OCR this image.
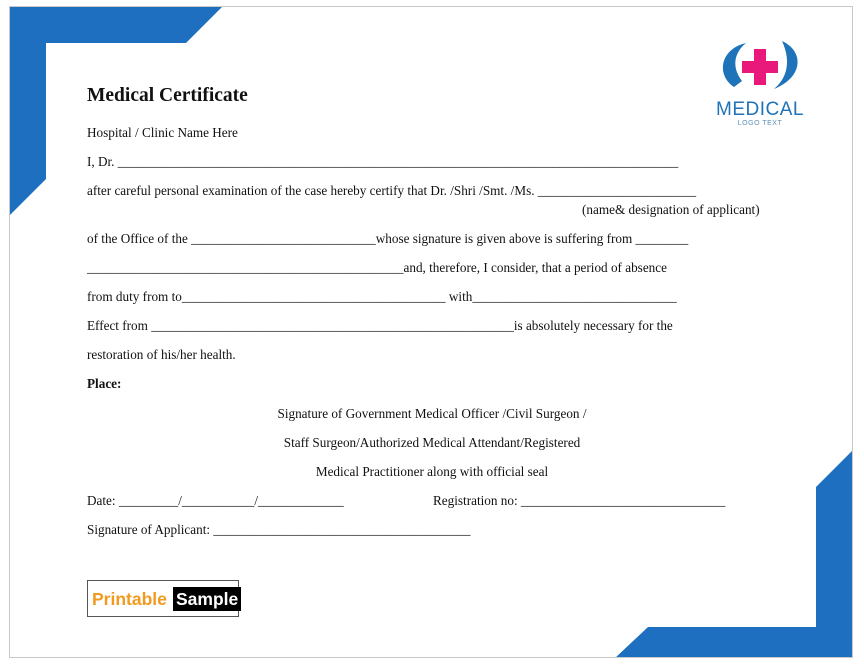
MEDICAL
LOGO TEXT
Medical Certificate
Hospital / Clinic Name Here
I, Dr. _____________________________________________________________________________________
after careful personal examination of the case hereby certify that Dr. /Shri /Smt. /Ms. ________________________
(name& designation of applicant)
of the Office of the ____________________________whose signature is given above is suffering from ________
________________________________________________and, therefore, I consider, that a period of absence
from duty from to________________________________________ with_______________________________
Effect from _______________________________________________________is absolutely necessary for the
restoration of his/her health.
Place:
Signature of Government Medical Officer /Civil Surgeon /
Staff Surgeon/Authorized Medical Attendant/Registered
Medical Practitioner along with official seal
Date: _________/___________/_____________	Registration no: _______________________________
Signature of Applicant: _______________________________________
Printable Sample
